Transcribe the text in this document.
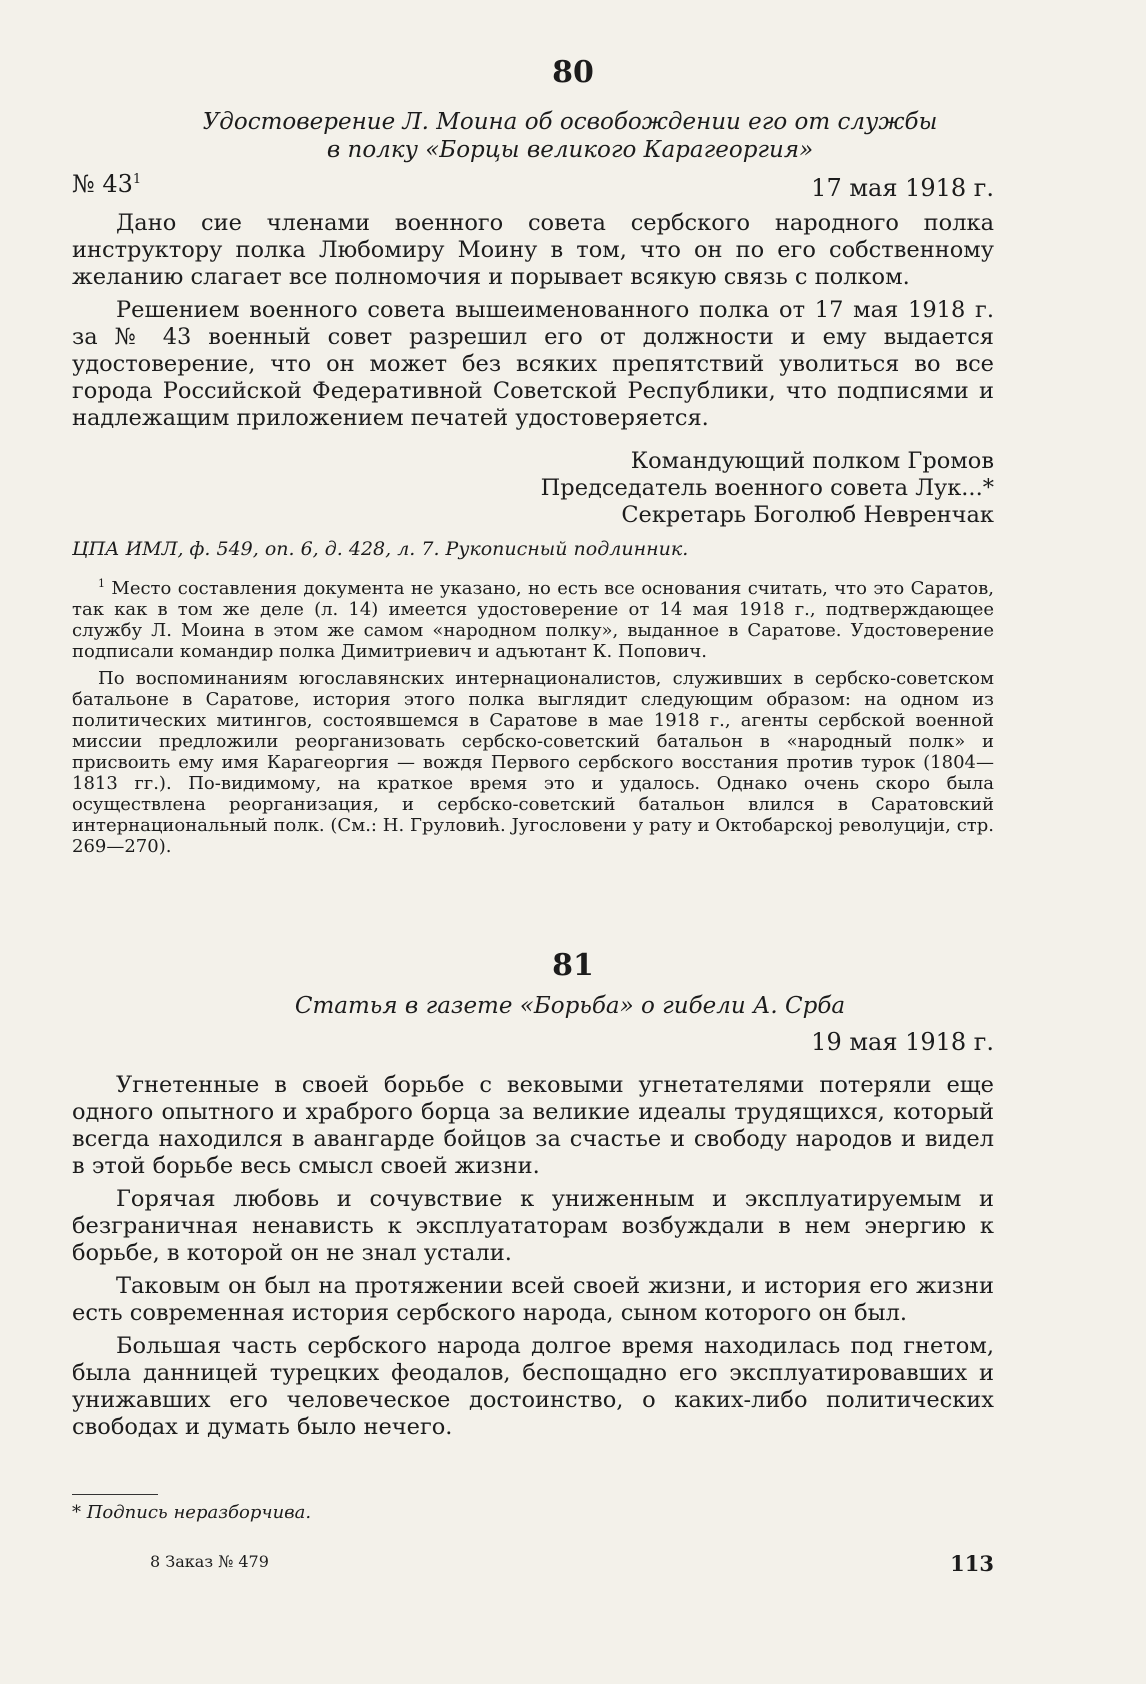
80
Удостоверение Л. Моина об освобождении его от службы
в полку «Борцы великого Карагеоргия»
№ $43^1$	17 мая 1918 г.

Дано сие членами военного совета сербского народного полка инструктору полка Любомиру Моину в том, что он по его собственному желанию слагает все полномочия и порывает всякую связь с полком.

Решением военного совета вышеименованного полка от 17 мая 1918 г. за № 43 военный совет разрешил его от должности и ему выдается удостоверение, что он может без всяких препятствий уволиться во все города Российской Федеративной Советской Республики, что подписями и надлежащим приложением печатей удостоверяется.

Командующий полком Громов
Председатель военного совета Лук...*
Секретарь Боголюб Невренчак
ЦПА ИМЛ, ф. 549, оп. 6, д. 428, л. 7. Рукописный подлинник.

$^1$ Место составления документа не указано, но есть все основания считать, что это Саратов, так как в том же деле (л. 14) имеется удостоверение от 14 мая 1918 г., подтверждающее службу Л. Моина в этом же самом «народном полку», выданное в Саратове. Удостоверение подписали командир полка Димитриевич и адъютант К. Попович.

По воспоминаниям югославянских интернационалистов, служивших в сербско-советском батальоне в Саратове, история этого полка выглядит следующим образом: на одном из политических митингов, состоявшемся в Саратове в мае 1918 г., агенты сербской военной миссии предложили реорганизовать сербско-советский батальон в «народный полк» и присвоить ему имя Карагеоргия — вождя Первого сербского восстания против турок (1804—1813 гг.). По-видимому, на краткое время это и удалось. Однако очень скоро была осуществлена реорганизация, и сербско-советский батальон влился в Саратовский интернациональный полк. (См.: Н. Груловић. Југословени у рату и Октобарској револуцији, стр. 269—270).

81
Статья в газете «Борьба» о гибели А. Срба
19 мая 1918 г.

Угнетенные в своей борьбе с вековыми угнетателями потеряли еще одного опытного и храброго борца за великие идеалы трудящихся, который всегда находился в авангарде бойцов за счастье и свободу народов и видел в этой борьбе весь смысл своей жизни.

Горячая любовь и сочувствие к униженным и эксплуатируемым и безграничная ненависть к эксплуататорам возбуждали в нем энергию к борьбе, в которой он не знал устали.

Таковым он был на протяжении всей своей жизни, и история его жизни есть современная история сербского народа, сыном которого он был.

Большая часть сербского народа долгое время находилась под гнетом, была данницей турецких феодалов, беспощадно его эксплуатировавших и унижавших его человеческое достоинство, о каких-либо политических свободах и думать было нечего.

* Подпись неразборчива.
8 Заказ № 479	113
